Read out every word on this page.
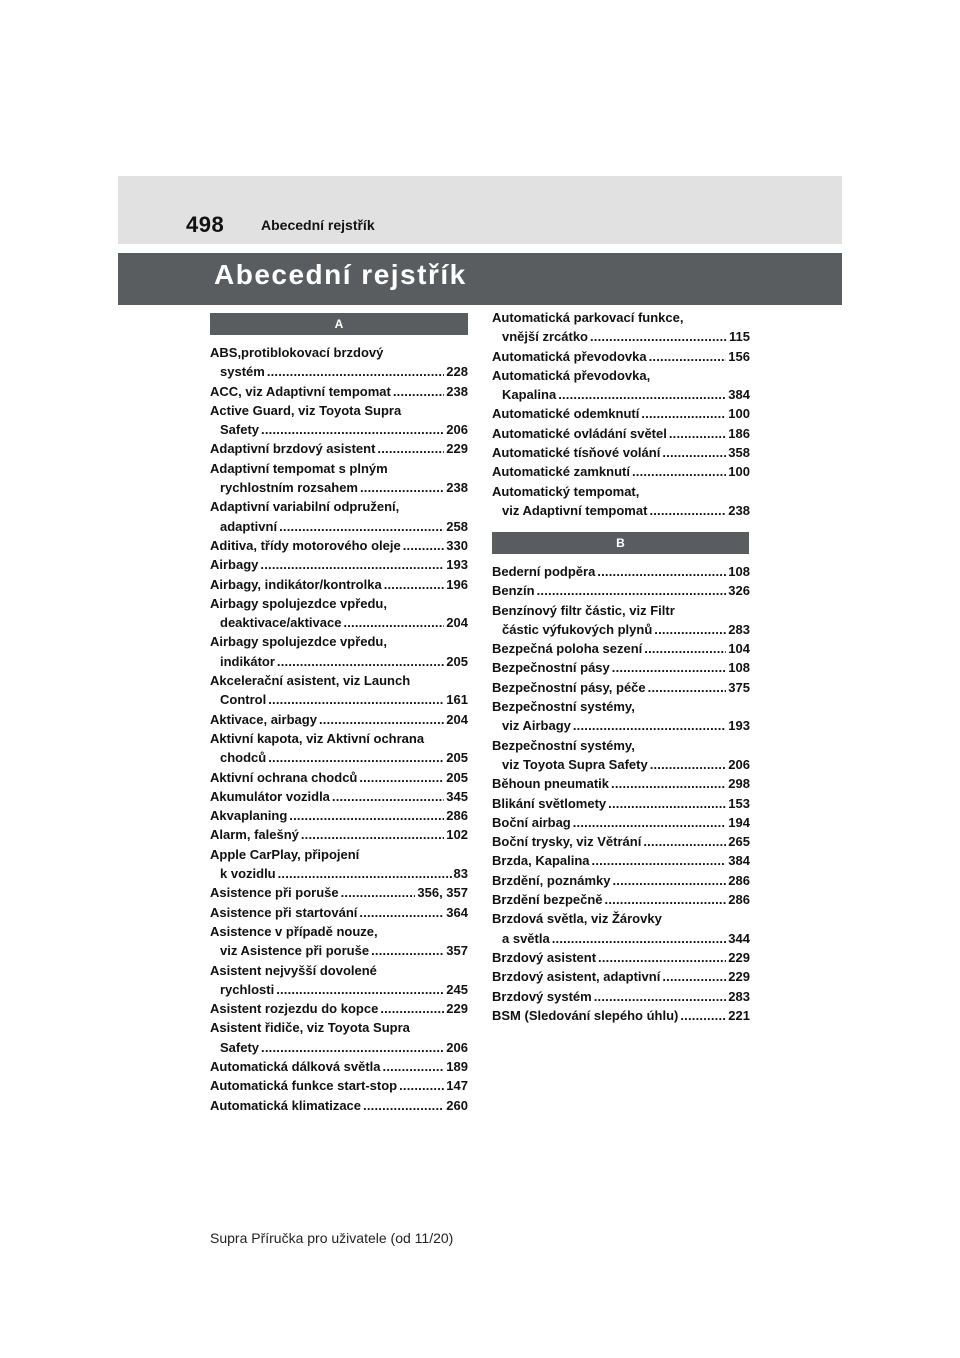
498	Abecední rejstřík
Abecední rejstřík
A
ABS,protiblokovací brzdový
systém .....	228
ACC, viz Adaptivní tempomat .....	238
Active Guard, viz Toyota Supra
Safety .....	206
Adaptivní brzdový asistent .....	229
Adaptivní tempomat s plným
rychlostním rozsahem .....	238
Adaptivní variabilní odpružení,
adaptivní .....	258
Aditiva, třídy motorového oleje .....	330
Airbagy .....	193
Airbagy, indikátor/kontrolka .....	196
Airbagy spolujezdce vpředu,
deaktivace/aktivace .....	204
Airbagy spolujezdce vpředu,
indikátor .....	205
Akcelerační asistent, viz Launch
Control .....	161
Aktivace, airbagy .....	204
Aktivní kapota, viz Aktivní ochrana
chodců .....	205
Aktivní ochrana chodců .....	205
Akumulátor vozidla .....	345
Akvaplaning .....	286
Alarm, falešný .....	102
Apple CarPlay, připojení
k vozidlu .....	83
Asistence při poruše .....	356, 357
Asistence při startování .....	364
Asistence v případě nouze,
viz Asistence při poruše .....	357
Asistent nejvyšší dovolené
rychlosti .....	245
Asistent rozjezdu do kopce .....	229
Asistent řidiče, viz Toyota Supra
Safety .....	206
Automatická dálková světla .....	189
Automatická funkce start-stop .....	147
Automatická klimatizace .....	260
Automatická parkovací funkce,
vnější zrcátko .....	115
Automatická převodovka .....	156
Automatická převodovka,
Kapalina .....	384
Automatické odemknutí .....	100
Automatické ovládání světel .....	186
Automatické tísňové volání .....	358
Automatické zamknutí .....	100
Automatický tempomat,
viz Adaptivní tempomat .....	238
B
Bederní podpěra .....	108
Benzín .....	326
Benzínový filtr částic, viz Filtr
částic výfukových plynů .....	283
Bezpečná poloha sezení .....	104
Bezpečnostní pásy .....	108
Bezpečnostní pásy, péče .....	375
Bezpečnostní systémy,
viz Airbagy .....	193
Bezpečnostní systémy,
viz Toyota Supra Safety .....	206
Běhoun pneumatik .....	298
Blikání světlomety .....	153
Boční airbag .....	194
Boční trysky, viz Větrání .....	265
Brzda, Kapalina .....	384
Brzdění, poznámky .....	286
Brzdění bezpečně .....	286
Brzdová světla, viz Žárovky
a světla .....	344
Brzdový asistent .....	229
Brzdový asistent, adaptivní .....	229
Brzdový systém .....	283
BSM (Sledování slepého úhlu) .....	221
Supra Příručka pro uživatele (od 11/20)
